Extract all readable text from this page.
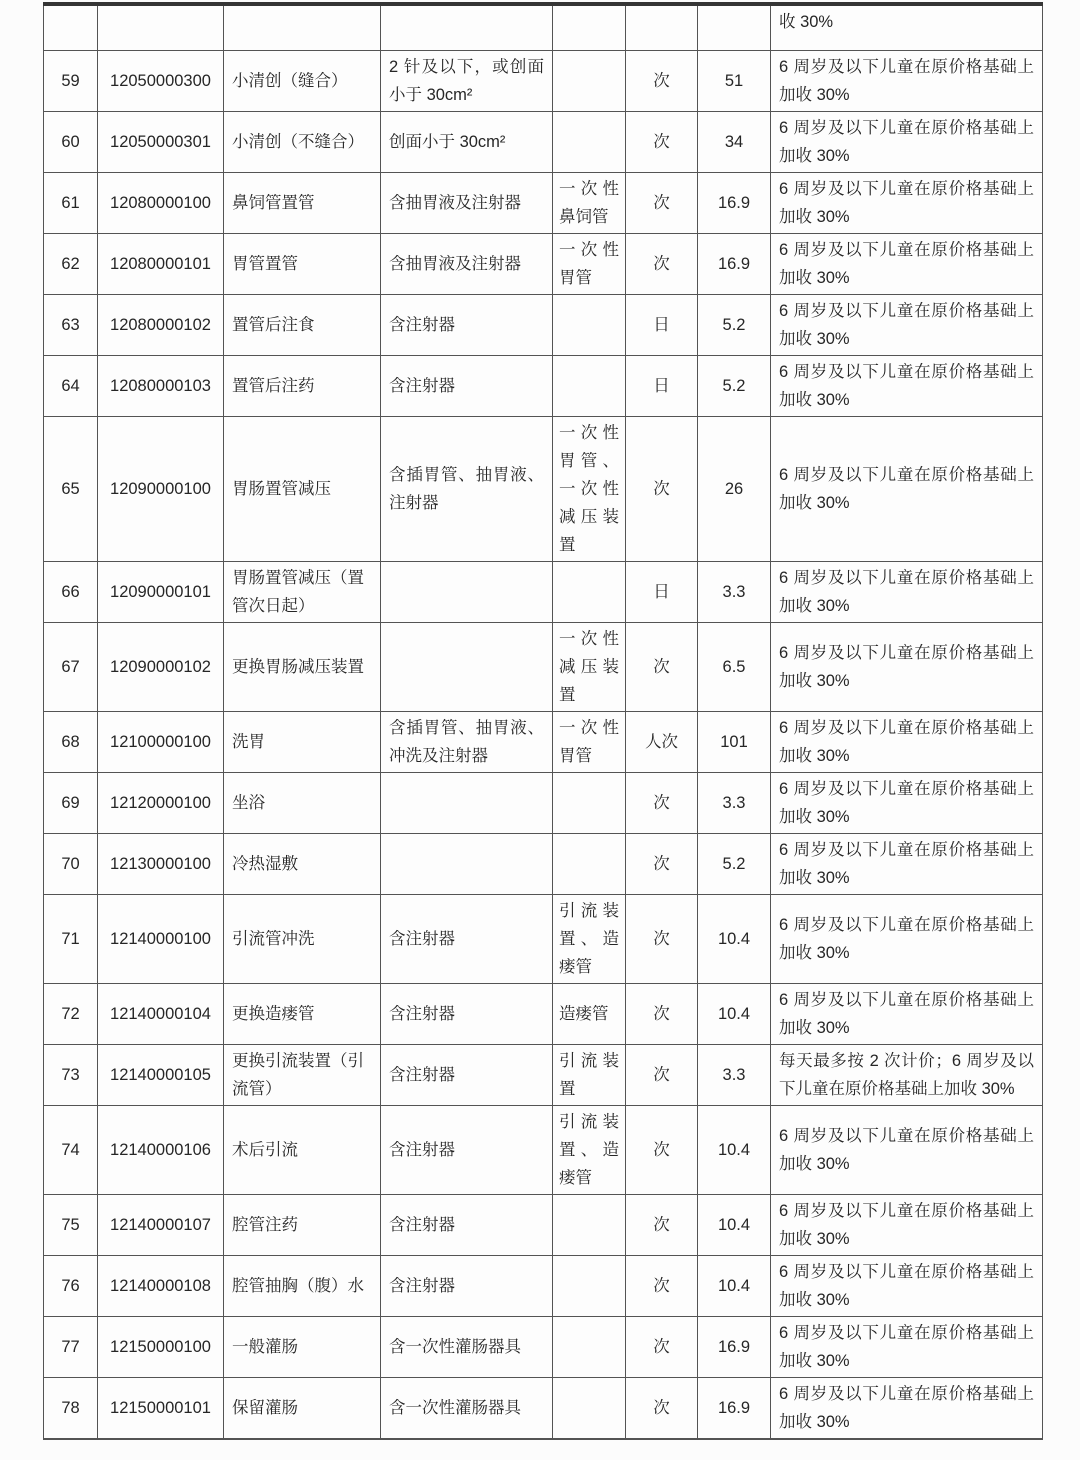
							收 30%
59	12050000300	小清创（缝合）	2 针及以下，或创面小于 30cm²		次	51	6 周岁及以下儿童在原价格基础上加收 30%
60	12050000301	小清创（不缝合）	创面小于 30cm²		次	34	6 周岁及以下儿童在原价格基础上加收 30%
61	12080000100	鼻饲管置管	含抽胃液及注射器	一次性鼻饲管	次	16.9	6 周岁及以下儿童在原价格基础上加收 30%
62	12080000101	胃管置管	含抽胃液及注射器	一次性胃管	次	16.9	6 周岁及以下儿童在原价格基础上加收 30%
63	12080000102	置管后注食	含注射器		日	5.2	6 周岁及以下儿童在原价格基础上加收 30%
64	12080000103	置管后注药	含注射器		日	5.2	6 周岁及以下儿童在原价格基础上加收 30%
65	12090000100	胃肠置管减压	含插胃管、抽胃液、注射器	一次性胃管、一次性减压装置	次	26	6 周岁及以下儿童在原价格基础上加收 30%
66	12090000101	胃肠置管减压（置管次日起）			日	3.3	6 周岁及以下儿童在原价格基础上加收 30%
67	12090000102	更换胃肠减压装置		一次性减压装置	次	6.5	6 周岁及以下儿童在原价格基础上加收 30%
68	12100000100	洗胃	含插胃管、抽胃液、冲洗及注射器	一次性胃管	人次	101	6 周岁及以下儿童在原价格基础上加收 30%
69	12120000100	坐浴			次	3.3	6 周岁及以下儿童在原价格基础上加收 30%
70	12130000100	冷热湿敷			次	5.2	6 周岁及以下儿童在原价格基础上加收 30%
71	12140000100	引流管冲洗	含注射器	引流装置、造瘘管	次	10.4	6 周岁及以下儿童在原价格基础上加收 30%
72	12140000104	更换造瘘管	含注射器	造瘘管	次	10.4	6 周岁及以下儿童在原价格基础上加收 30%
73	12140000105	更换引流装置（引流管）	含注射器	引流装置	次	3.3	每天最多按 2 次计价；6 周岁及以下儿童在原价格基础上加收 30%
74	12140000106	术后引流	含注射器	引流装置、造瘘管	次	10.4	6 周岁及以下儿童在原价格基础上加收 30%
75	12140000107	腔管注药	含注射器		次	10.4	6 周岁及以下儿童在原价格基础上加收 30%
76	12140000108	腔管抽胸（腹）水	含注射器		次	10.4	6 周岁及以下儿童在原价格基础上加收 30%
77	12150000100	一般灌肠	含一次性灌肠器具		次	16.9	6 周岁及以下儿童在原价格基础上加收 30%
78	12150000101	保留灌肠	含一次性灌肠器具		次	16.9	6 周岁及以下儿童在原价格基础上加收 30%
